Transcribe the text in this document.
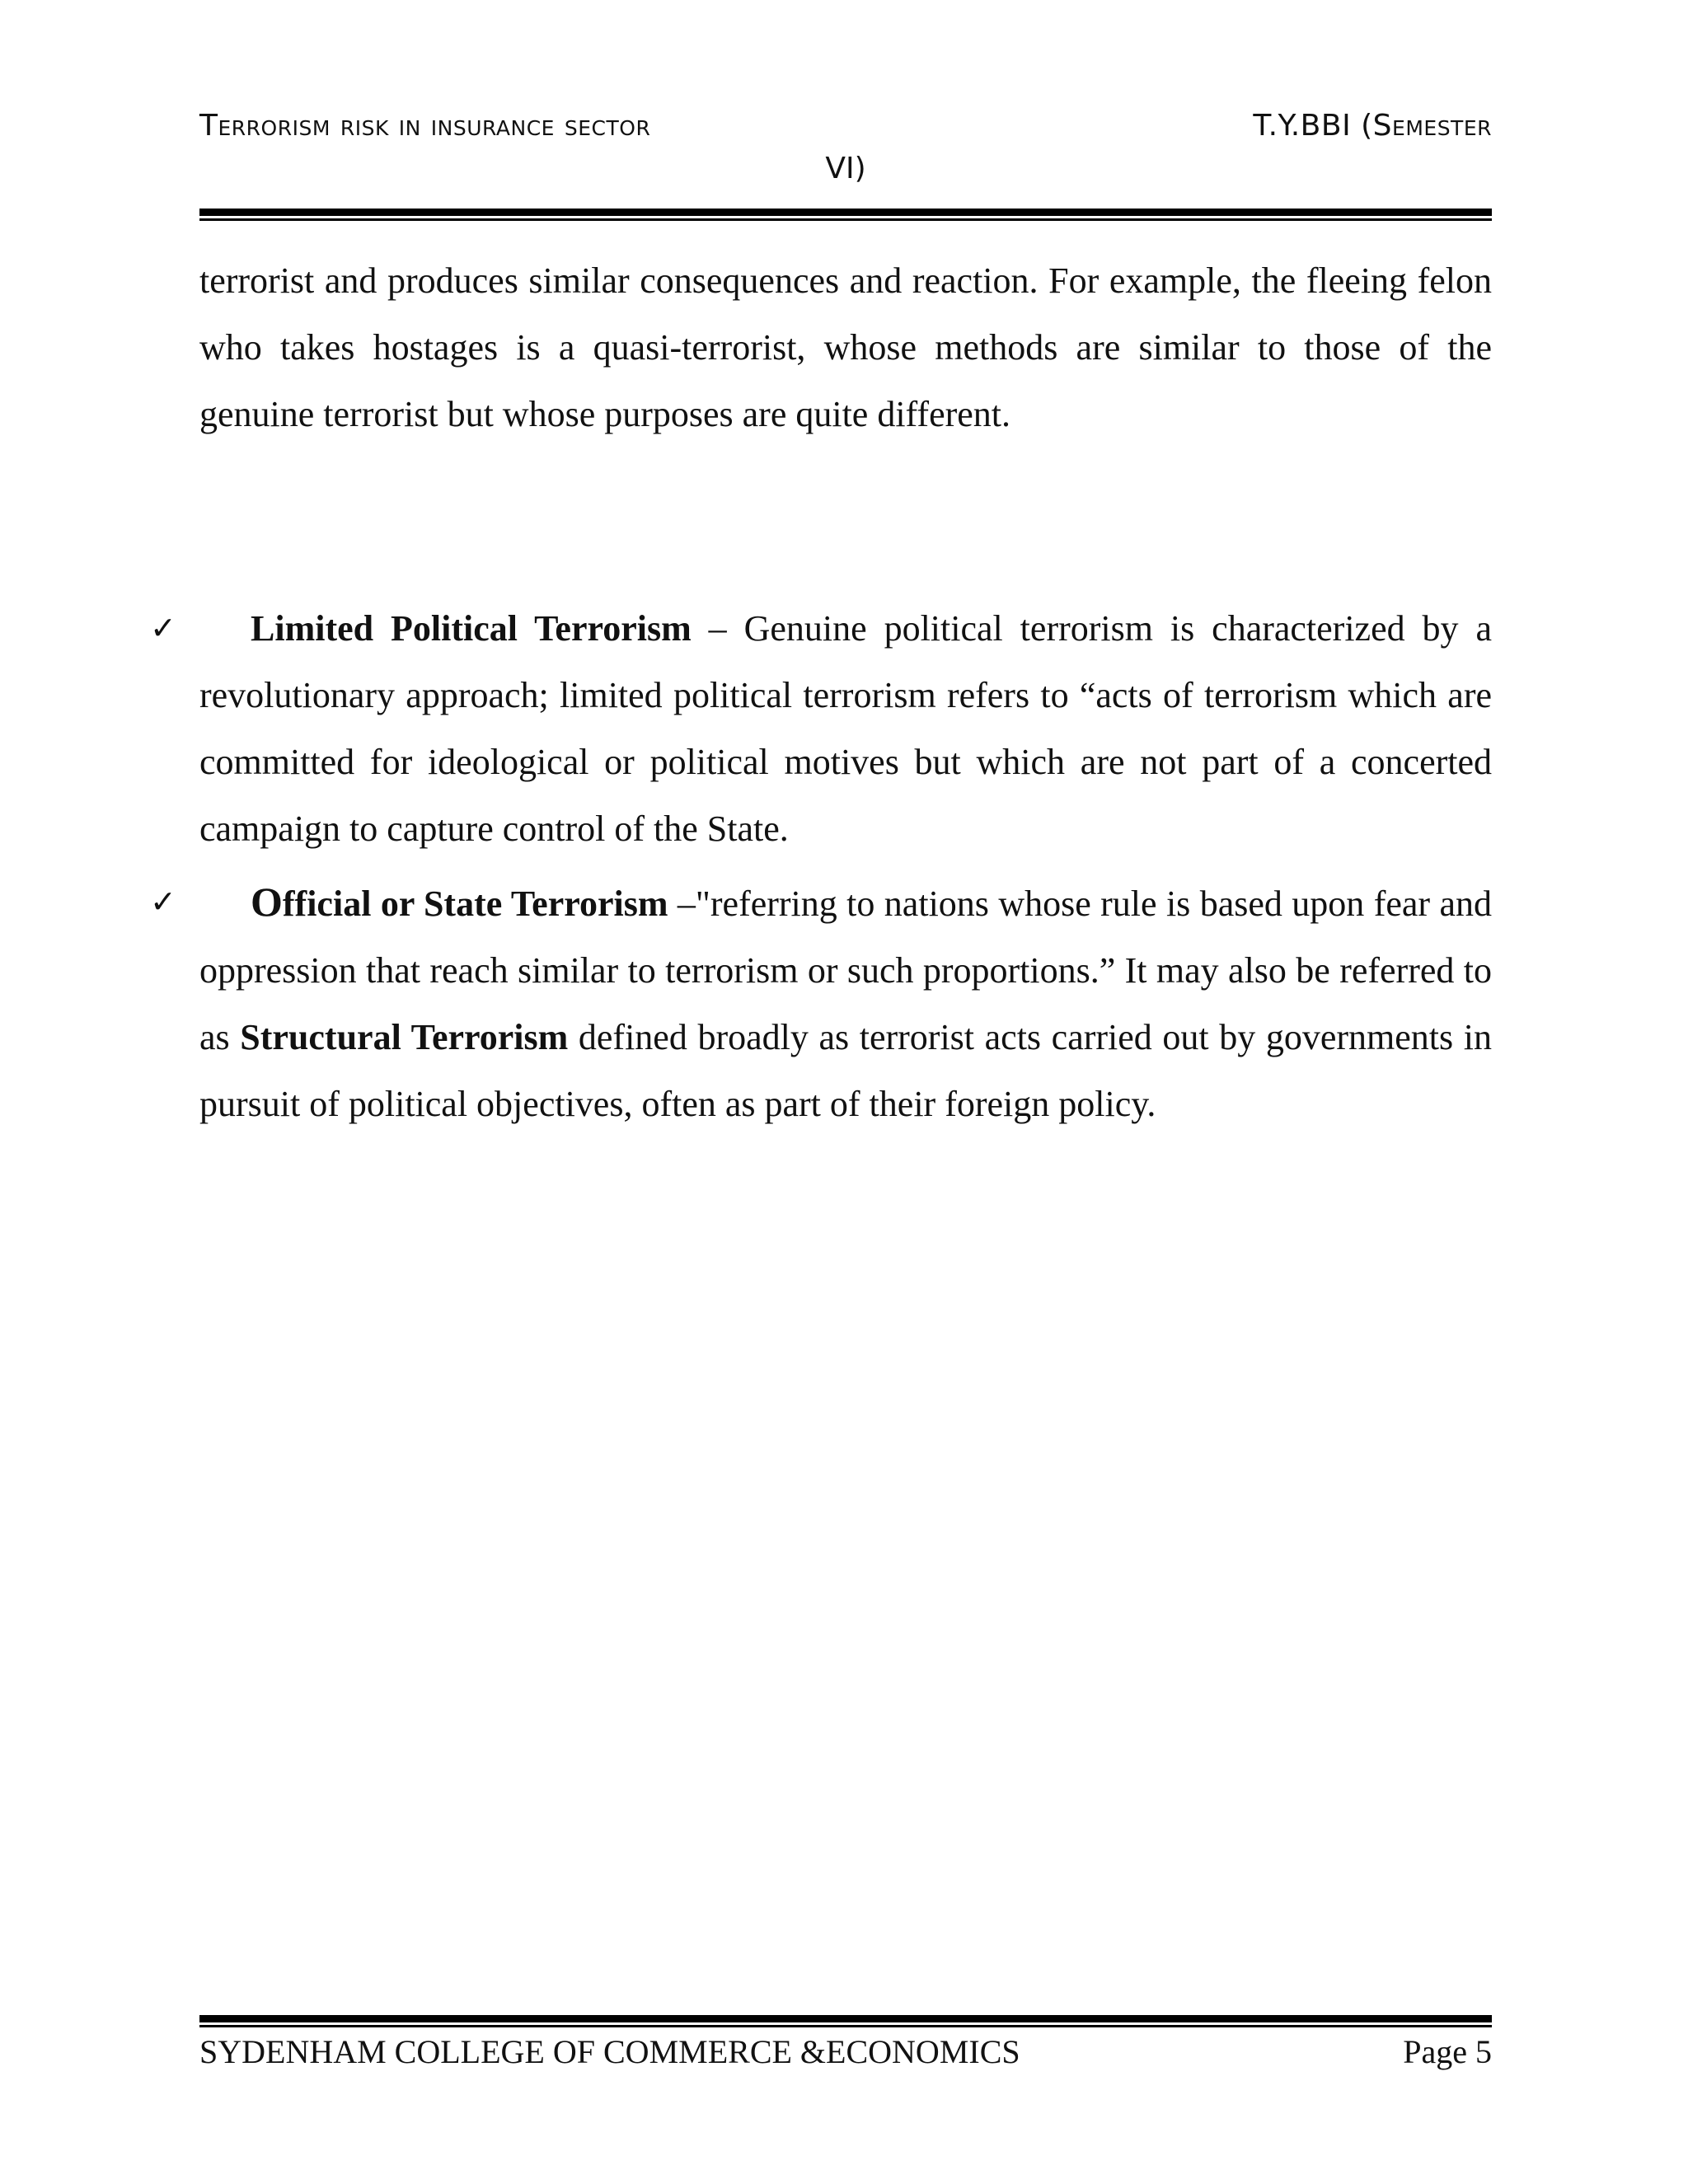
Terrorism risk in insurance sector	T.Y.BBI (Semester
VI)

terrorist and produces similar consequences and reaction. For example, the fleeing felon who takes hostages is a quasi-terrorist, whose methods are similar to those of the genuine terrorist but whose purposes are quite different.

✓	Limited Political Terrorism – Genuine political terrorism is characterized by a revolutionary approach; limited political terrorism refers to “acts of terrorism which are committed for ideological or political motives but which are not part of a concerted campaign to capture control of the State.

✓	Official or State Terrorism –"referring to nations whose rule is based upon fear and oppression that reach similar to terrorism or such proportions.” It may also be referred to as Structural Terrorism defined broadly as terrorist acts carried out by governments in pursuit of political objectives, often as part of their foreign policy.

SYDENHAM COLLEGE OF COMMERCE &ECONOMICS	Page 5
